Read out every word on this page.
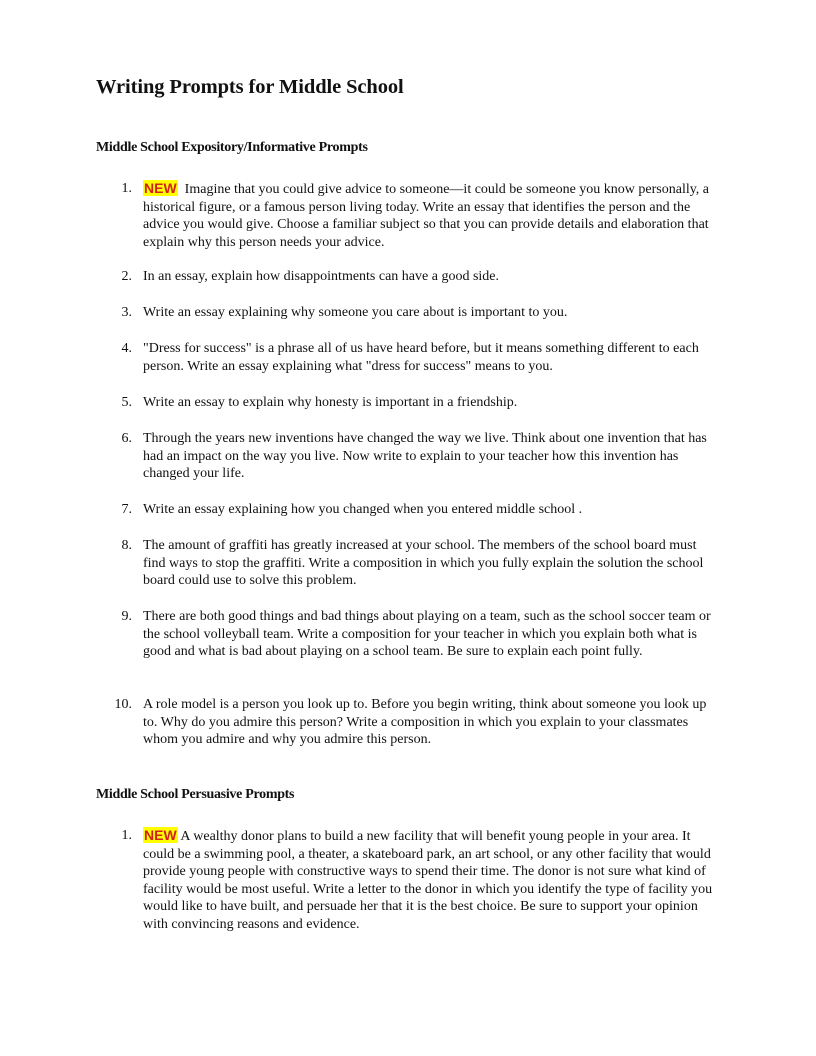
Writing Prompts for Middle School
Middle School Expository/Informative Prompts
1. NEW Imagine that you could give advice to someone—it could be someone you know personally, a historical figure, or a famous person living today. Write an essay that identifies the person and the advice you would give. Choose a familiar subject so that you can provide details and elaboration that explain why this person needs your advice.
2. In an essay, explain how disappointments can have a good side.
3. Write an essay explaining why someone you care about is important to you.
4. "Dress for success" is a phrase all of us have heard before, but it means something different to each person. Write an essay explaining what "dress for success" means to you.
5. Write an essay to explain why honesty is important in a friendship.
6. Through the years new inventions have changed the way we live. Think about one invention that has had an impact on the way you live. Now write to explain to your teacher how this invention has changed your life.
7. Write an essay explaining how you changed when you entered middle school .
8. The amount of graffiti has greatly increased at your school. The members of the school board must find ways to stop the graffiti. Write a composition in which you fully explain the solution the school board could use to solve this problem.
9. There are both good things and bad things about playing on a team, such as the school soccer team or the school volleyball team. Write a composition for your teacher in which you explain both what is good and what is bad about playing on a school team. Be sure to explain each point fully.
10. A role model is a person you look up to. Before you begin writing, think about someone you look up to. Why do you admire this person? Write a composition in which you explain to your classmates whom you admire and why you admire this person.
Middle School Persuasive Prompts
1. NEW A wealthy donor plans to build a new facility that will benefit young people in your area. It could be a swimming pool, a theater, a skateboard park, an art school, or any other facility that would provide young people with constructive ways to spend their time. The donor is not sure what kind of facility would be most useful. Write a letter to the donor in which you identify the type of facility you would like to have built, and persuade her that it is the best choice. Be sure to support your opinion with convincing reasons and evidence.
